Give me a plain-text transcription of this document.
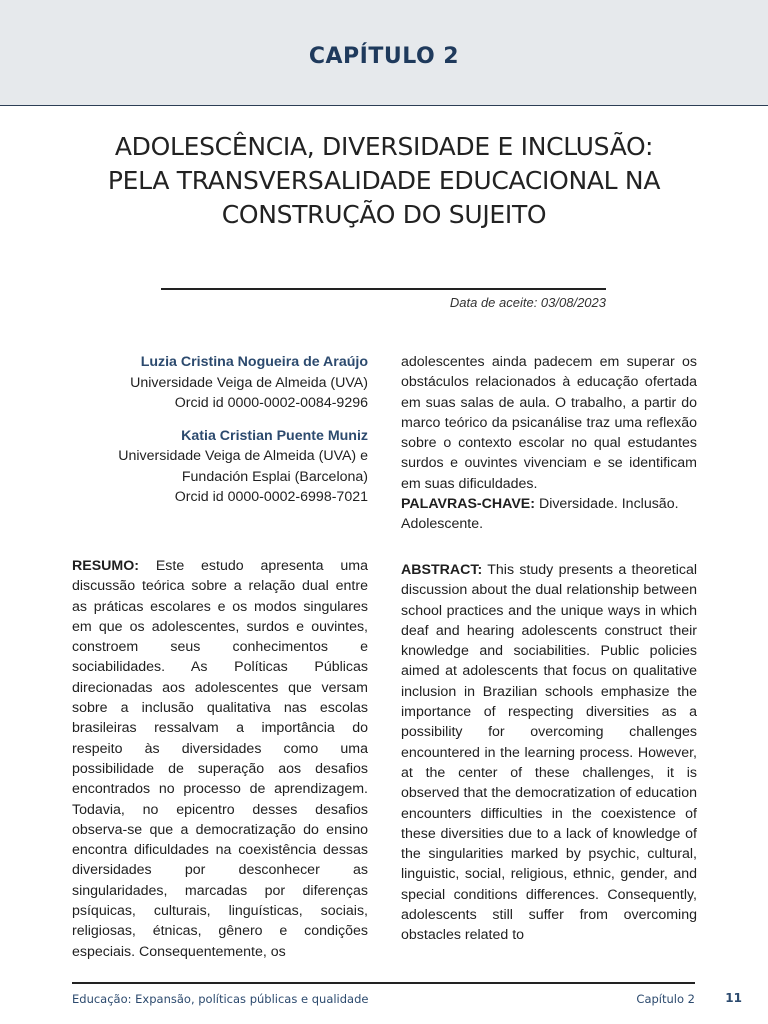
CAPÍTULO 2
ADOLESCÊNCIA, DIVERSIDADE E INCLUSÃO:
PELA TRANSVERSALIDADE EDUCACIONAL NA
CONSTRUÇÃO DO SUJEITO
Data de aceite: 03/08/2023
Luzia Cristina Nogueira de Araújo
Universidade Veiga de Almeida (UVA)
Orcid id 0000-0002-0084-9296
Katia Cristian Puente Muniz
Universidade Veiga de Almeida (UVA) e
Fundación Esplai (Barcelona)
Orcid id 0000-0002-6998-7021

adolescentes ainda padecem em superar os obstáculos relacionados à educação ofertada em suas salas de aula. O trabalho, a partir do marco teórico da psicanálise traz uma reflexão sobre o contexto escolar no qual estudantes surdos e ouvintes vivenciam e se identificam em suas dificuldades.

PALAVRAS-CHAVE: Diversidade. Inclusão. Adolescente.

RESUMO: Este estudo apresenta uma discussão teórica sobre a relação dual entre as práticas escolares e os modos singulares em que os adolescentes, surdos e ouvintes, constroem seus conhecimentos e sociabilidades. As Políticas Públicas direcionadas aos adolescentes que versam sobre a inclusão qualitativa nas escolas brasileiras ressalvam a importância do respeito às diversidades como uma possibilidade de superação aos desafios encontrados no processo de aprendizagem. Todavia, no epicentro desses desafios observa-se que a democratização do ensino encontra dificuldades na coexistência dessas diversidades por desconhecer as singularidades, marcadas por diferenças psíquicas, culturais, linguísticas, sociais, religiosas, étnicas, gênero e condições especiais. Consequentemente, os

ABSTRACT: This study presents a theoretical discussion about the dual relationship between school practices and the unique ways in which deaf and hearing adolescents construct their knowledge and sociabilities. Public policies aimed at adolescents that focus on qualitative inclusion in Brazilian schools emphasize the importance of respecting diversities as a possibility for overcoming challenges encountered in the learning process. However, at the center of these challenges, it is observed that the democratization of education encounters difficulties in the coexistence of these diversities due to a lack of knowledge of the singularities marked by psychic, cultural, linguistic, social, religious, ethnic, gender, and special conditions differences. Consequently, adolescents still suffer from overcoming obstacles related to

Educação: Expansão, políticas públicas e qualidade	Capítulo 2	11
